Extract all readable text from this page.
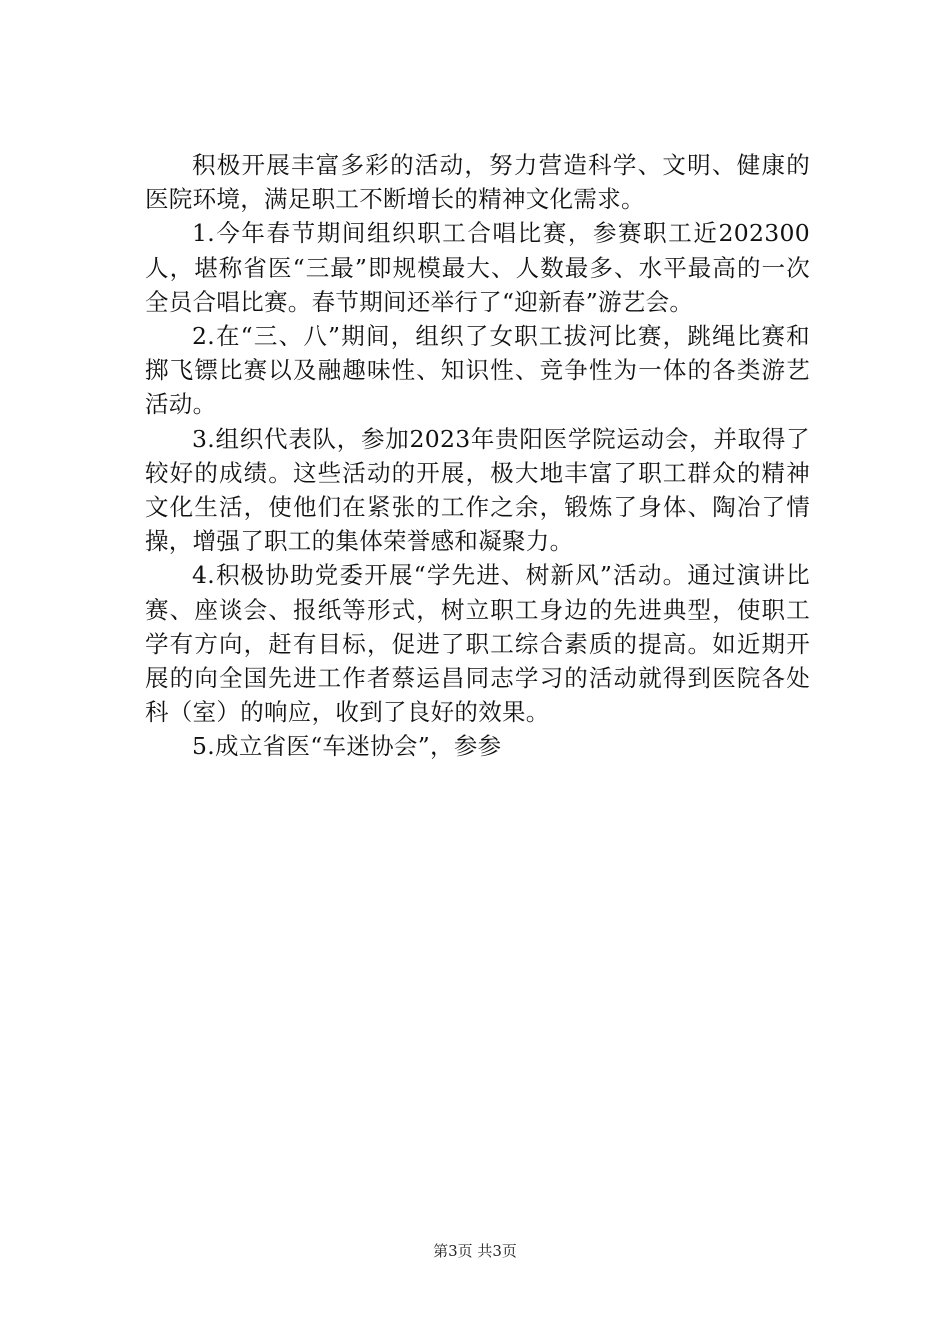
积极开展丰富多彩的活动，努力营造科学、文明、健康的医院环境，满足职工不断增长的精神文化需求。

1.今年春节期间组织职工合唱比赛，参赛职工近202300人，堪称省医“三最”即规模最大、人数最多、水平最高的一次全员合唱比赛。春节期间还举行了“迎新春”游艺会。

2.在“三、八”期间，组织了女职工拔河比赛，跳绳比赛和掷飞镖比赛以及融趣味性、知识性、竞争性为一体的各类游艺活动。

3.组织代表队，参加2023年贵阳医学院运动会，并取得了较好的成绩。这些活动的开展，极大地丰富了职工群众的精神文化生活，使他们在紧张的工作之余，锻炼了身体、陶冶了情操，增强了职工的集体荣誉感和凝聚力。

4.积极协助党委开展“学先进、树新风”活动。通过演讲比赛、座谈会、报纸等形式，树立职工身边的先进典型，使职工学有方向，赶有目标，促进了职工综合素质的提高。如近期开展的向全国先进工作者蔡运昌同志学习的活动就得到医院各处科（室）的响应，收到了良好的效果。

5.成立省医“车迷协会”，参参

第3页 共3页
